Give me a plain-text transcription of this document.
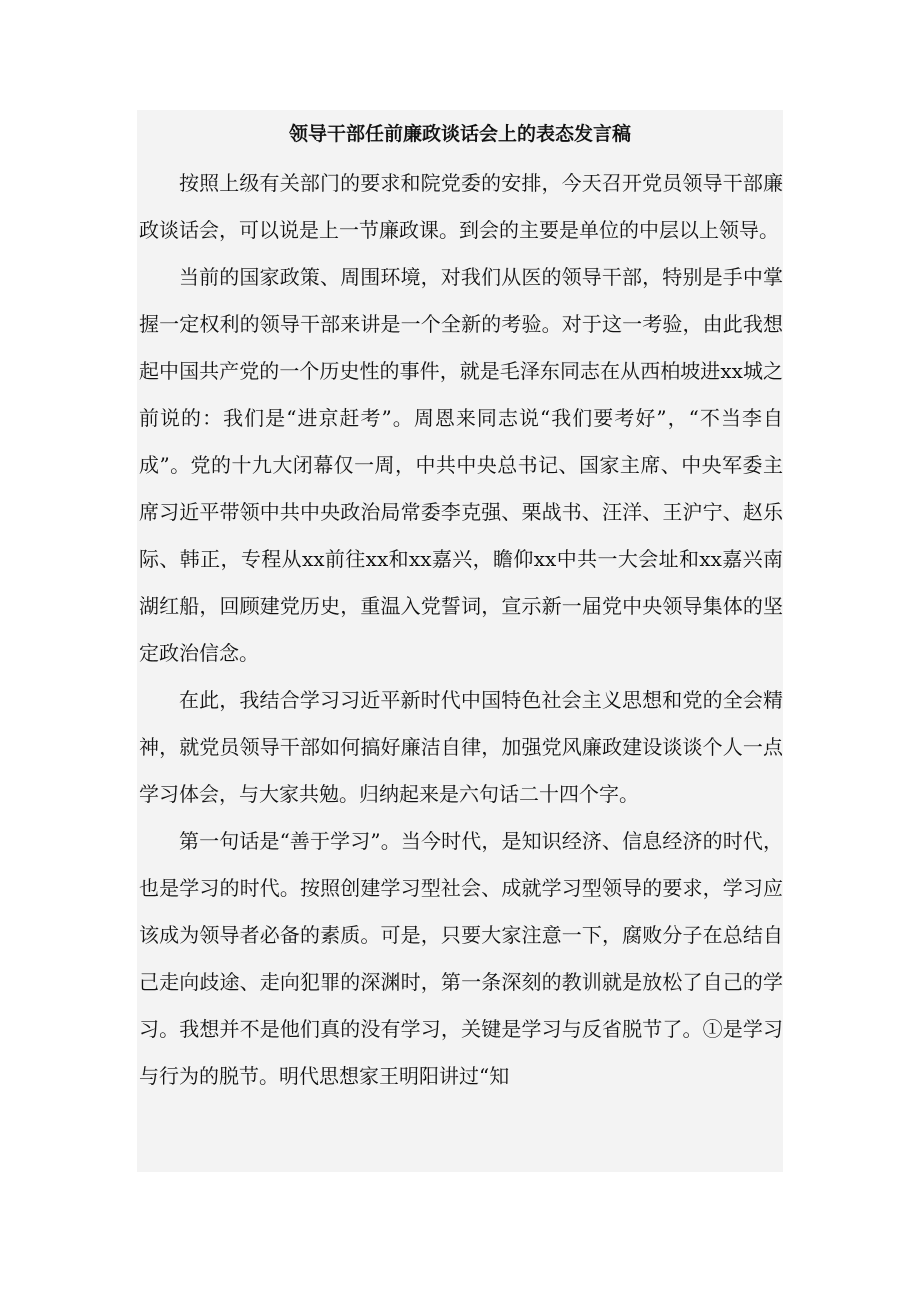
领导干部任前廉政谈话会上的表态发言稿

按照上级有关部门的要求和院党委的安排，今天召开党员领导干部廉政谈话会，可以说是上一节廉政课。到会的主要是单位的中层以上领导。

当前的国家政策、周围环境，对我们从医的领导干部，特别是手中掌握一定权利的领导干部来讲是一个全新的考验。对于这一考验，由此我想起中国共产党的一个历史性的事件，就是毛泽东同志在从西柏坡进xx城之前说的：我们是“进京赶考”。周恩来同志说“我们要考好”，“不当李自成”。党的十九大闭幕仅一周，中共中央总书记、国家主席、中央军委主席习近平带领中共中央政治局常委李克强、栗战书、汪洋、王沪宁、赵乐际、韩正，专程从xx前往xx和xx嘉兴，瞻仰xx中共一大会址和xx嘉兴南湖红船，回顾建党历史，重温入党誓词，宣示新一届党中央领导集体的坚定政治信念。

在此，我结合学习习近平新时代中国特色社会主义思想和党的全会精神，就党员领导干部如何搞好廉洁自律，加强党风廉政建设谈谈个人一点学习体会，与大家共勉。归纳起来是六句话二十四个字。

第一句话是“善于学习”。当今时代，是知识经济、信息经济的时代，也是学习的时代。按照创建学习型社会、成就学习型领导的要求，学习应该成为领导者必备的素质。可是，只要大家注意一下，腐败分子在总结自己走向歧途、走向犯罪的深渊时，第一条深刻的教训就是放松了自己的学习。我想并不是他们真的没有学习，关键是学习与反省脱节了。①是学习与行为的脱节。明代思想家王明阳讲过“知
